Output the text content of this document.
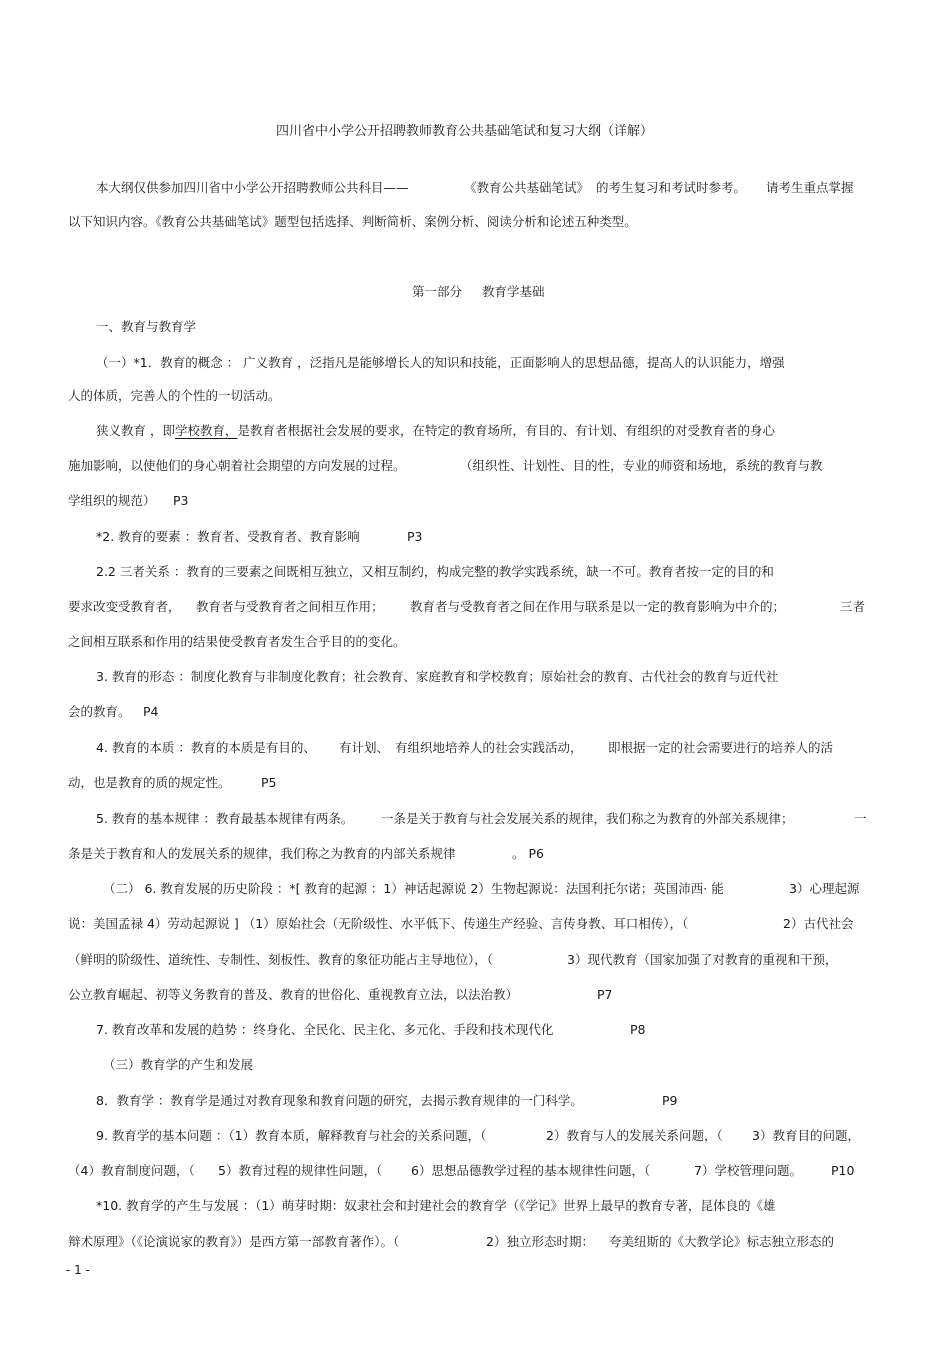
四川省中小学公开招聘教师教育公共基础笔试和复习大纲（详解）
本大纲仅供参加四川省中小学公开招聘教师公共科目——	《教育公共基础笔试》 的考生复习和考试时参考。 请考生重点掌握
以下知识内容。《教育公共基础笔试》题型包括选择、判断简析、案例分析、阅读分析和论述五种类型。
第一部分 教育学基础
一、教育与教育学
（一）*1．教育的概念 ： 广义教育 ，泛指凡是能够增长人的知识和技能，正面影响人的思想品德，提高人的认识能力，增强
人的体质，完善人的个性的一切活动。
狭义教育 ，即学校教育，是教育者根据社会发展的要求，在特定的教育场所，有目的、有计划、有组织的对受教育者的身心
施加影响，以使他们的身心朝着社会期望的方向发展的过程。	（组织性、计划性、目的性，专业的师资和场地，系统的教育与教
学组织的规范） P3
*2. 教育的要素 ：教育者、受教育者、教育影响	P3
2.2 三者关系 ：教育的三要素之间既相互独立，又相互制约，构成完整的教学实践系统，缺一不可。教育者按一定的目的和
要求改变受教育者， 教育者与受教育者之间相互作用； 教育者与受教育者之间在作用与联系是以一定的教育影响为中介的；	三者
之间相互联系和作用的结果使受教育者发生合乎目的的变化。
3. 教育的形态 ：制度化教育与非制度化教育；社会教育、家庭教育和学校教育；原始社会的教育、古代社会的教育与近代社
会的教育。 P4
4. 教育的本质 ：教育的本质是有目的、 有计划、 有组织地培养人的社会实践活动， 即根据一定的社会需要进行的培养人的活
动，也是教育的质的规定性。 P5
5. 教育的基本规律 ：教育最基本规律有两条。 一条是关于教育与社会发展关系的规律，我们称之为教育的外部关系规律；	一
条是关于教育和人的发展关系的规律，我们称之为教育的内部关系规律	。 P6
（二） 6. 教育发展的历史阶段 ：*[ 教育的起源 ：1）神话起源说 2）生物起源说：法国利托尔诺；英国沛西· 能	3）心理起源
说：美国孟禄 4）劳动起源说 ] （1）原始社会（无阶级性、水平低下、传递生产经验、言传身教、耳口相传），（	2）古代社会
（鲜明的阶级性、道统性、专制性、刻板性、教育的象征功能占主导地位），（	3）现代教育（国家加强了对教育的重视和干预，
公立教育崛起、初等义务教育的普及、教育的世俗化、重视教育立法，以法治教）	P7
7. 教育改革和发展的趋势 ：终身化、全民化、民主化、多元化、手段和技术现代化	P8
（三）教育学的产生和发展
8．教育学 ：教育学是通过对教育现象和教育问题的研究，去揭示教育规律的一门科学。	P9
9. 教育学的基本问题 ：（1）教育本质，解释教育与社会的关系问题，（	2）教育与人的发展关系问题，（ 3）教育目的问题，
（4）教育制度问题，（ 5）教育过程的规律性问题，（ 6）思想品德教学过程的基本规律性问题，（	7）学校管理问题。 P10
*10. 教育学的产生与发展 ：（1）萌芽时期：奴隶社会和封建社会的教育学（《学记》世界上最早的教育专著，昆体良的《雄
辩术原理》（《论演说家的教育》）是西方第一部教育著作）。（	2）独立形态时期： 夸美纽斯的《大教学论》标志独立形态的
- 1 -
